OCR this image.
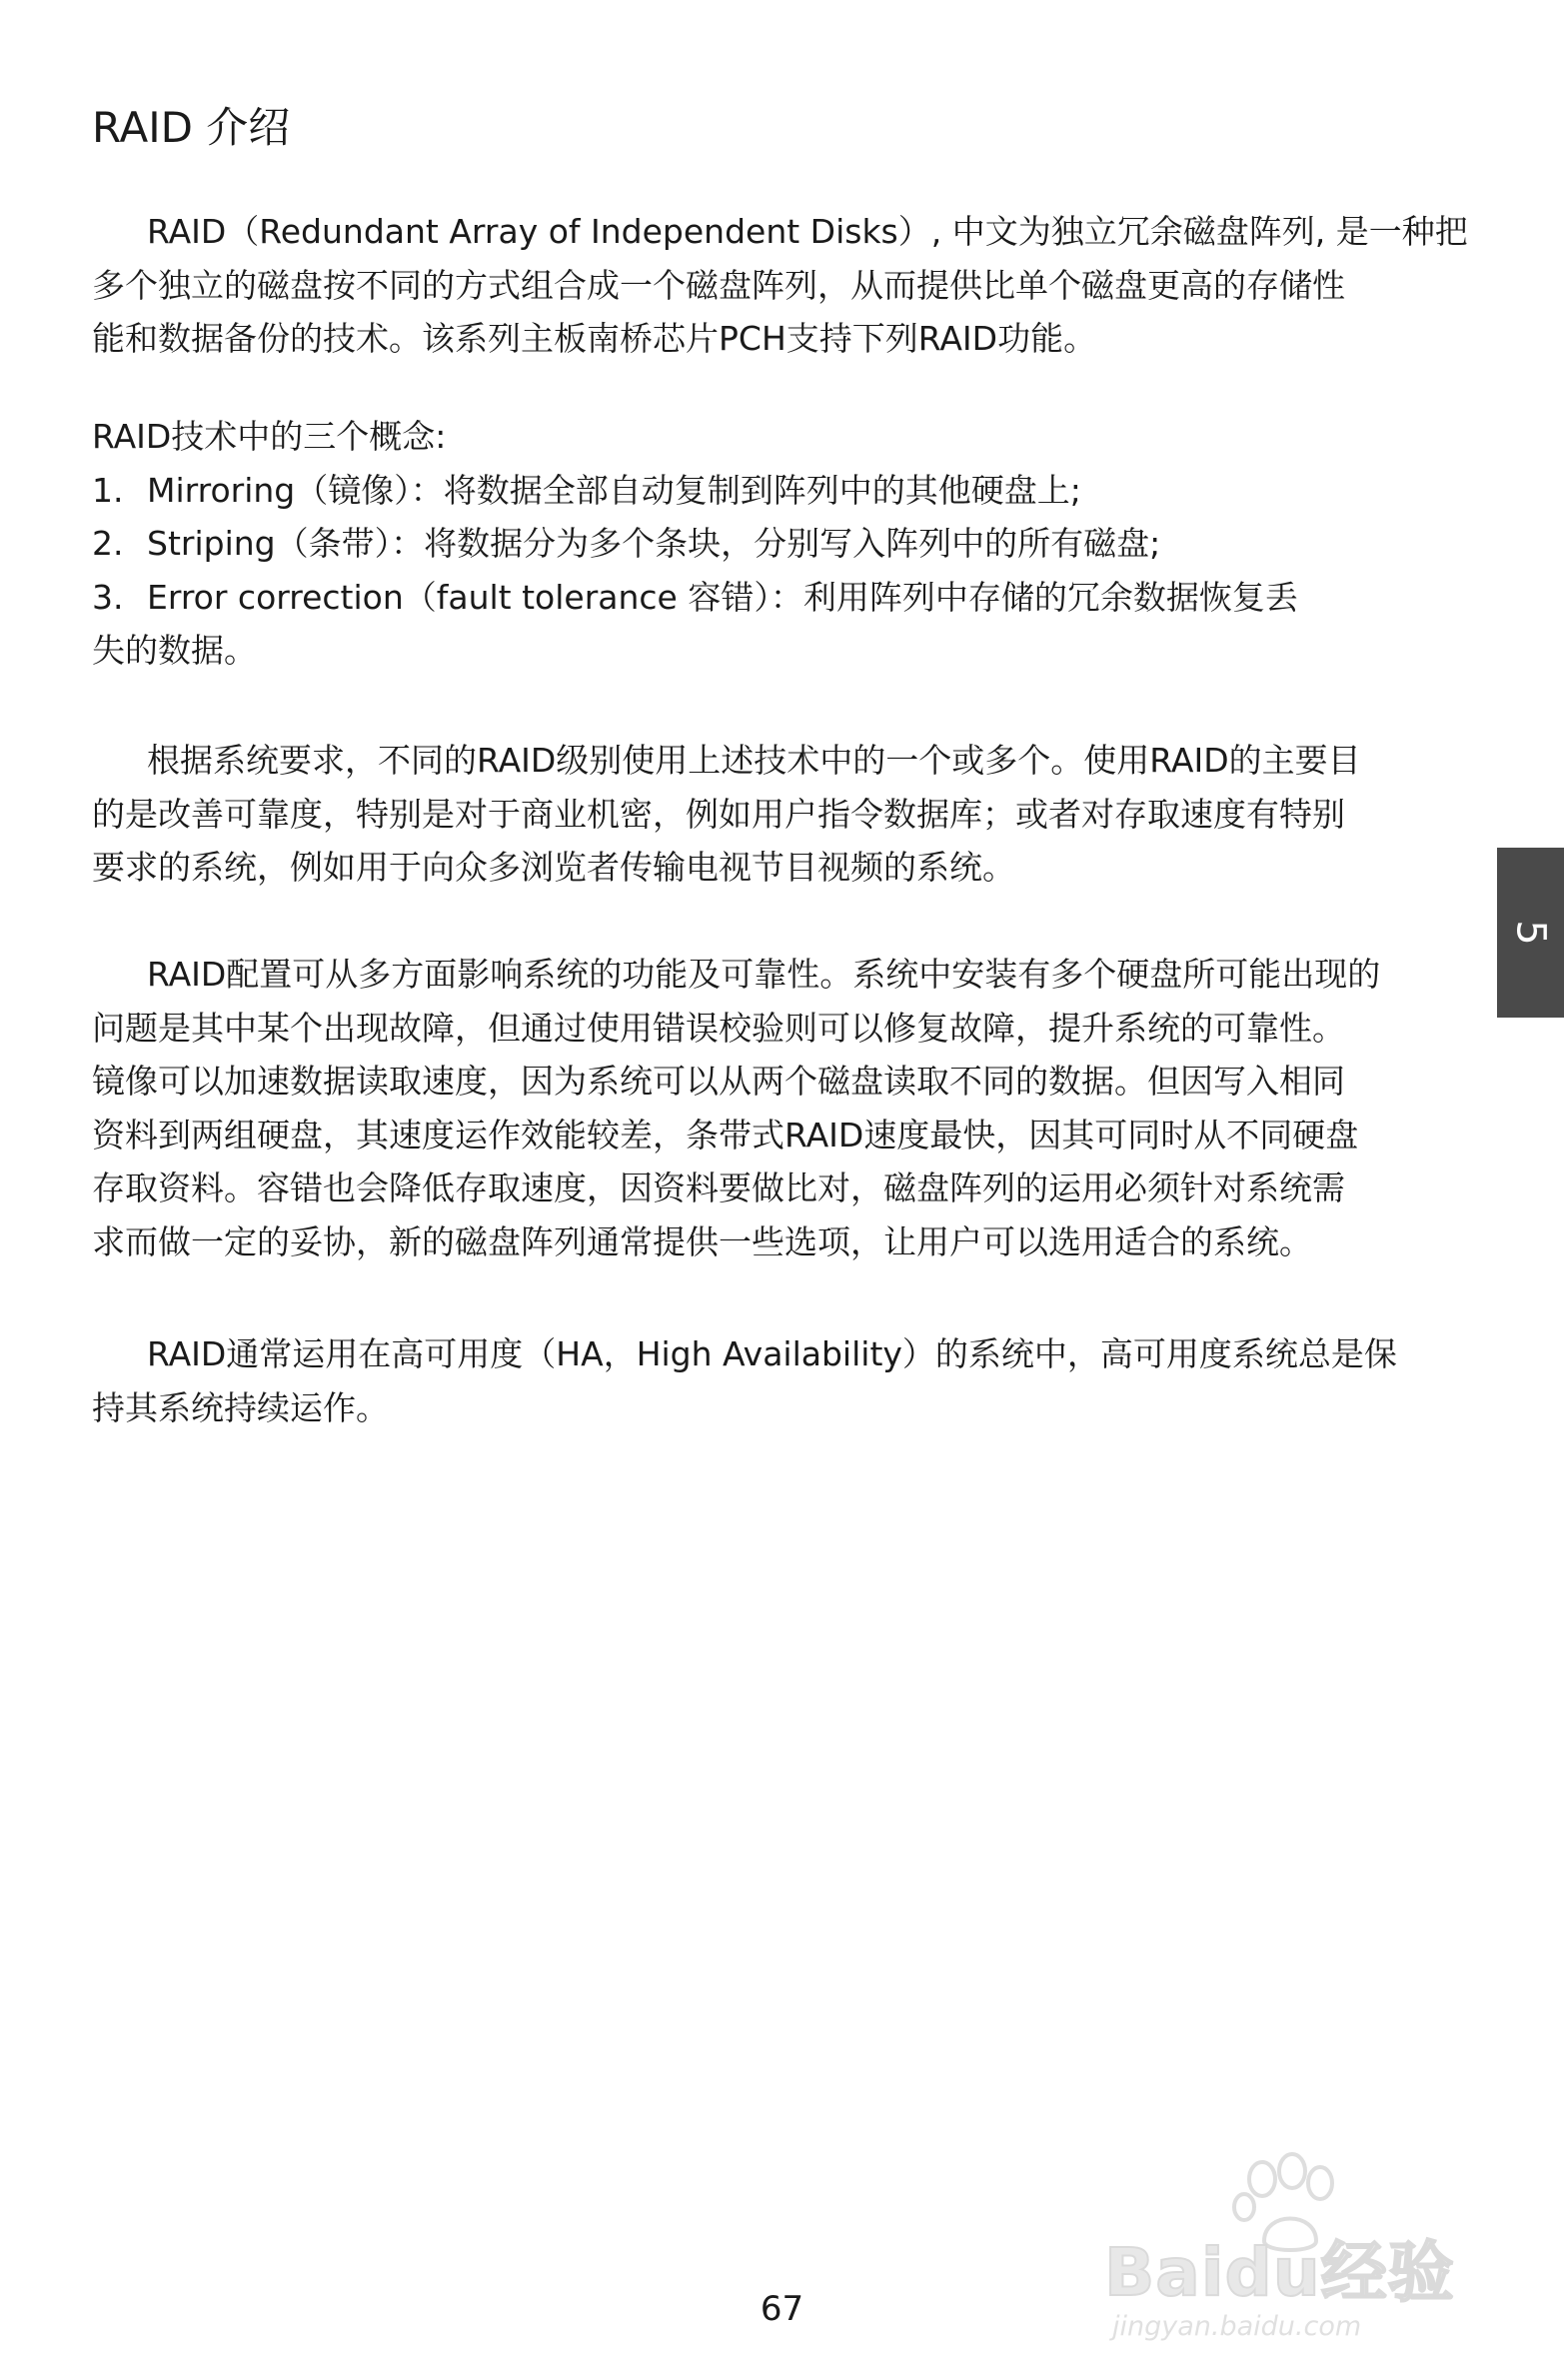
RAID 介绍

RAID（Redundant Array of Independent Disks）, 中文为独立冗余磁盘阵列, 是一种把

多个独立的磁盘按不同的方式组合成一个磁盘阵列，从而提供比单个磁盘更高的存储性

能和数据备份的技术。该系列主板南桥芯片PCH支持下列RAID功能。

RAID技术中的三个概念:
1. Mirroring（镜像）：将数据全部自动复制到阵列中的其他硬盘上;
2. Striping（条带）：将数据分为多个条块，分别写入阵列中的所有磁盘;
3. Error correction（fault tolerance 容错）：利用阵列中存储的冗余数据恢复丢
失的数据。

根据系统要求，不同的RAID级别使用上述技术中的一个或多个。使用RAID的主要目

的是改善可靠度，特别是对于商业机密，例如用户指令数据库；或者对存取速度有特别

要求的系统，例如用于向众多浏览者传输电视节目视频的系统。

RAID配置可从多方面影响系统的功能及可靠性。系统中安装有多个硬盘所可能出现的

问题是其中某个出现故障，但通过使用错误校验则可以修复故障，提升系统的可靠性。

镜像可以加速数据读取速度，因为系统可以从两个磁盘读取不同的数据。但因写入相同

资料到两组硬盘，其速度运作效能较差，条带式RAID速度最快，因其可同时从不同硬盘

存取资料。容错也会降低存取速度，因资料要做比对，磁盘阵列的运用必须针对系统需

求而做一定的妥协，新的磁盘阵列通常提供一些选项，让用户可以选用适合的系统。

RAID通常运用在高可用度（HA，High Availability）的系统中，高可用度系统总是保

持其系统持续运作。

5
Baidu经验
jingyan.baidu.com
67
